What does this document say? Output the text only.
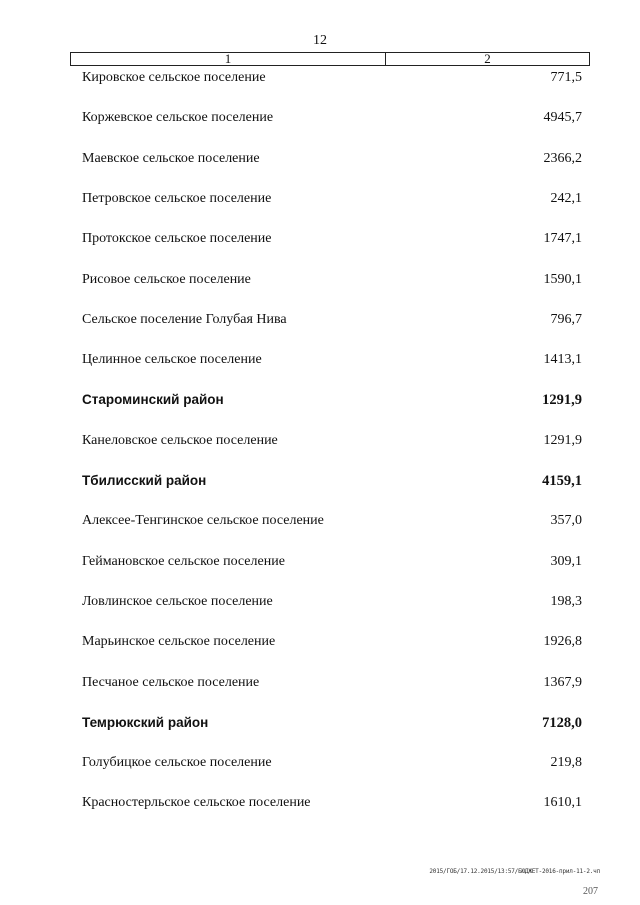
12
1	2
Кировское сельское поселение	771,5
Коржевское сельское поселение	4945,7
Маевское сельское поселение	2366,2
Петровское сельское поселение	242,1
Протокское сельское поселение	1747,1
Рисовое сельское поселение	1590,1
Сельское поселение Голубая Нива	796,7
Целинное сельское поселение	1413,1
Староминский район	1291,9
Канеловское сельское поселение	1291,9
Тбилисский район	4159,1
Алексее-Тенгинское сельское поселение	357,0
Геймановское сельское поселение	309,1
Ловлинское сельское поселение	198,3
Марьинское сельское поселение	1926,8
Песчаное сельское поселение	1367,9
Темрюкский район	7128,0
Голубицкое сельское поселение	219,8
Красностерльское сельское поселение	1610,1
2015/ГОБ/17.12.2015/13:57/БЮДЖЕТ-2016-прил-11-2.чп
207
